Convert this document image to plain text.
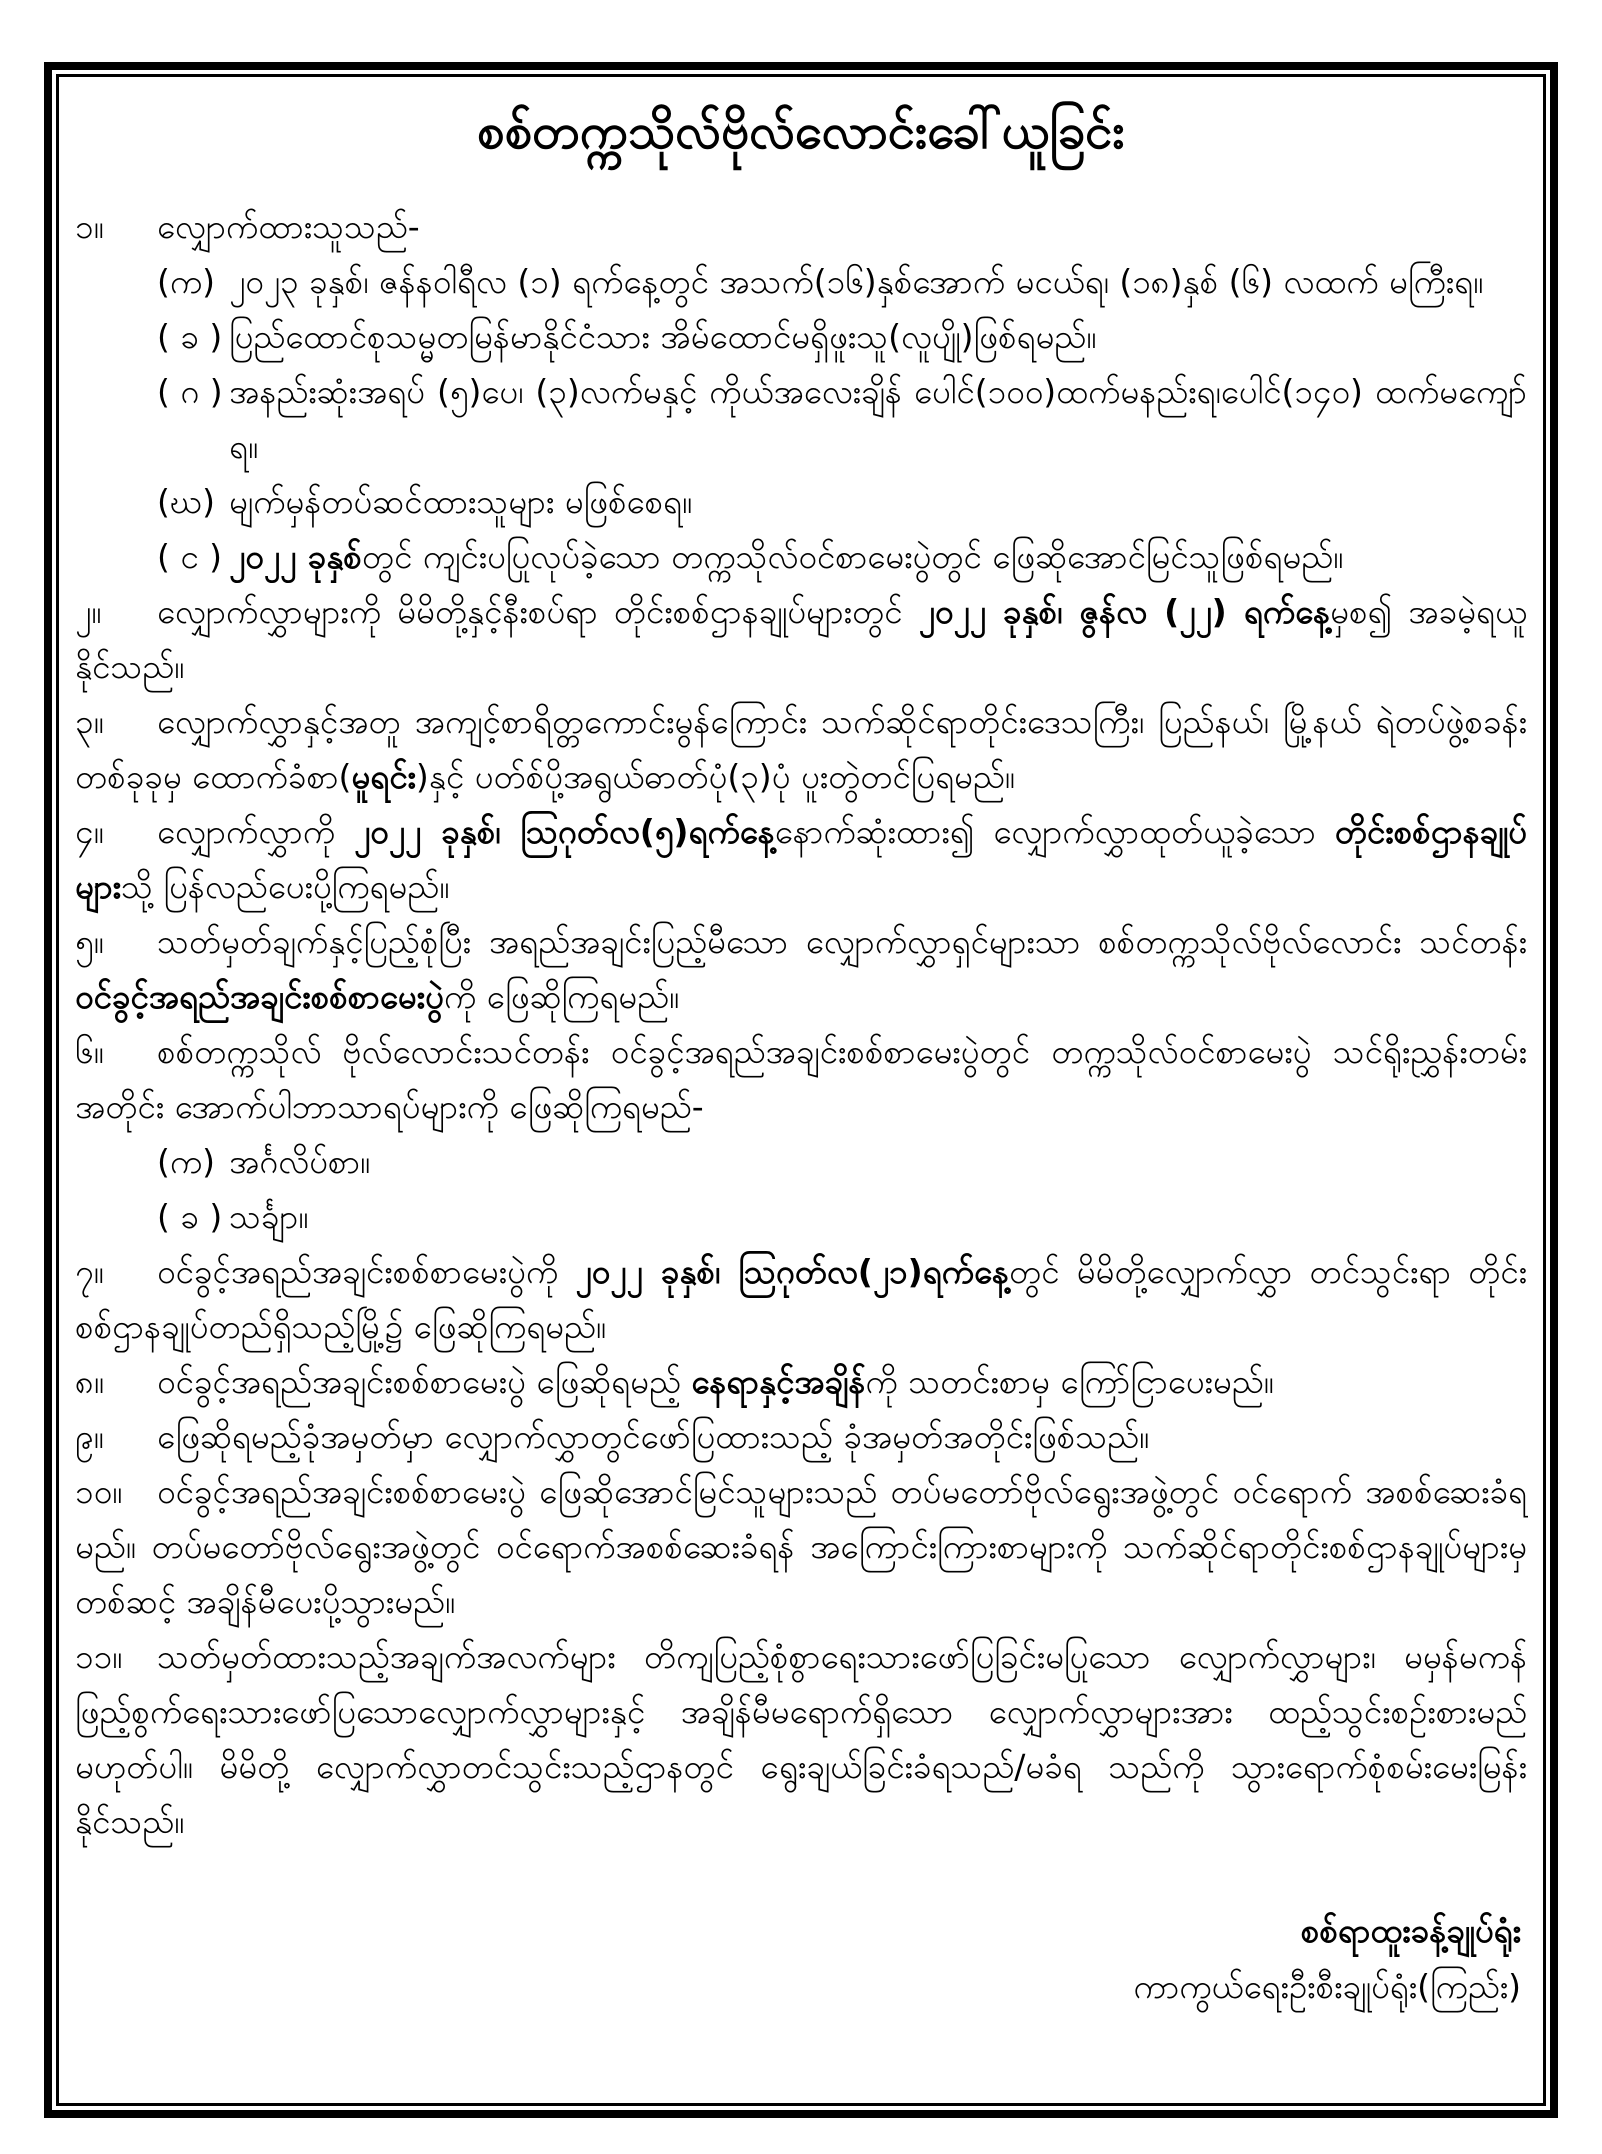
စစ်တက္ကသိုလ်ဗိုလ်လောင်းခေါ်ယူခြင်း
၁။ လျှောက်ထားသူသည်-
(က) ၂၀၂၃ ခုနှစ်၊ ဇန်နဝါရီလ (၁) ရက်နေ့တွင် အသက်(၁၆)နှစ်အောက် မငယ်ရ၊ (၁၈)နှစ် (၆) လထက် မကြီးရ။
( ခ ) ပြည်ထောင်စုသမ္မတမြန်မာနိုင်ငံသား အိမ်ထောင်မရှိဖူးသူ(လူပျို)ဖြစ်ရမည်။
( ဂ ) အနည်းဆုံးအရပ် (၅)ပေ၊ (၃)လက်မနှင့် ကိုယ်အလေးချိန် ပေါင်(၁၀၀)ထက်မနည်းရ၊ပေါင်(၁၄၀) ထက်မကျော်ရ။
(ဃ) မျက်မှန်တပ်ဆင်ထားသူများ မဖြစ်စေရ။
( င ) ၂၀၂၂ ခုနှစ်တွင် ကျင်းပပြုလုပ်ခဲ့သော တက္ကသိုလ်ဝင်စာမေးပွဲတွင် ဖြေဆိုအောင်မြင်သူဖြစ်ရမည်။
၂။ လျှောက်လွှာများကို မိမိတို့နှင့်နီးစပ်ရာ တိုင်းစစ်ဌာနချုပ်များတွင် ၂၀၂၂ ခုနှစ်၊ ဇွန်လ (၂၂) ရက်နေ့မှစ၍ အခမဲ့ရယူနိုင်သည်။
၃။ လျှောက်လွှာနှင့်အတူ အကျင့်စာရိတ္တကောင်းမွန်ကြောင်း သက်ဆိုင်ရာတိုင်းဒေသကြီး၊ ပြည်နယ်၊ မြို့နယ် ရဲတပ်ဖွဲ့စခန်းတစ်ခုခုမှ ထောက်ခံစာ(မူရင်း)နှင့် ပတ်စ်ပို့အရွယ်ဓာတ်ပုံ(၃)ပုံ ပူးတွဲတင်ပြရမည်။
၄။ လျှောက်လွှာကို ၂၀၂၂ ခုနှစ်၊ သြဂုတ်လ(၅)ရက်နေ့နောက်ဆုံးထား၍ လျှောက်လွှာထုတ်ယူခဲ့သော တိုင်းစစ်ဌာနချုပ်များသို့ ပြန်လည်ပေးပို့ကြရမည်။
၅။ သတ်မှတ်ချက်နှင့်ပြည့်စုံပြီး အရည်အချင်းပြည့်မီသော လျှောက်လွှာရှင်များသာ စစ်တက္ကသိုလ်ဗိုလ်လောင်း သင်တန်း ဝင်ခွင့်အရည်အချင်းစစ်စာမေးပွဲကို ဖြေဆိုကြရမည်။
၆။ စစ်တက္ကသိုလ် ဗိုလ်လောင်းသင်တန်း ဝင်ခွင့်အရည်အချင်းစစ်စာမေးပွဲတွင် တက္ကသိုလ်ဝင်စာမေးပွဲ သင်ရိုးညွှန်းတမ်းအတိုင်း အောက်ပါဘာသာရပ်များကို ဖြေဆိုကြရမည်-
(က) အင်္ဂလိပ်စာ။
( ခ ) သင်္ချာ။
၇။ ဝင်ခွင့်အရည်အချင်းစစ်စာမေးပွဲကို ၂၀၂၂ ခုနှစ်၊ သြဂုတ်လ(၂၁)ရက်နေ့တွင် မိမိတို့လျှောက်လွှာ တင်သွင်းရာ တိုင်းစစ်ဌာနချုပ်တည်ရှိသည့်မြို့၌ ဖြေဆိုကြရမည်။
၈။ ဝင်ခွင့်အရည်အချင်းစစ်စာမေးပွဲ ဖြေဆိုရမည့် နေရာနှင့်အချိန်ကို သတင်းစာမှ ကြော်ငြာပေးမည်။
၉။ ဖြေဆိုရမည့်ခုံအမှတ်မှာ လျှောက်လွှာတွင်ဖော်ပြထားသည့် ခုံအမှတ်အတိုင်းဖြစ်သည်။
၁၀။ ဝင်ခွင့်အရည်အချင်းစစ်စာမေးပွဲ ဖြေဆိုအောင်မြင်သူများသည် တပ်မတော်ဗိုလ်ရွေးအဖွဲ့တွင် ဝင်ရောက် အစစ်ဆေးခံရမည်။ တပ်မတော်ဗိုလ်ရွေးအဖွဲ့တွင် ဝင်ရောက်အစစ်ဆေးခံရန် အကြောင်းကြားစာများကို သက်ဆိုင်ရာတိုင်းစစ်ဌာနချုပ်များမှတစ်ဆင့် အချိန်မီပေးပို့သွားမည်။
၁၁။ သတ်မှတ်ထားသည့်အချက်အလက်များ တိကျပြည့်စုံစွာရေးသားဖော်ပြခြင်းမပြုသော လျှောက်လွှာများ၊ မမှန်မကန်ဖြည့်စွက်ရေးသားဖော်ပြသောလျှောက်လွှာများနှင့် အချိန်မီမရောက်ရှိသော လျှောက်လွှာများအား ထည့်သွင်းစဉ်းစားမည်မဟုတ်ပါ။ မိမိတို့ လျှောက်လွှာတင်သွင်းသည့်ဌာနတွင် ရွေးချယ်ခြင်းခံရသည်/မခံရ သည်ကို သွားရောက်စုံစမ်းမေးမြန်းနိုင်သည်။
စစ်ရာထူးခန့်ချုပ်ရုံး
ကာကွယ်ရေးဦးစီးချုပ်ရုံး(ကြည်း)
